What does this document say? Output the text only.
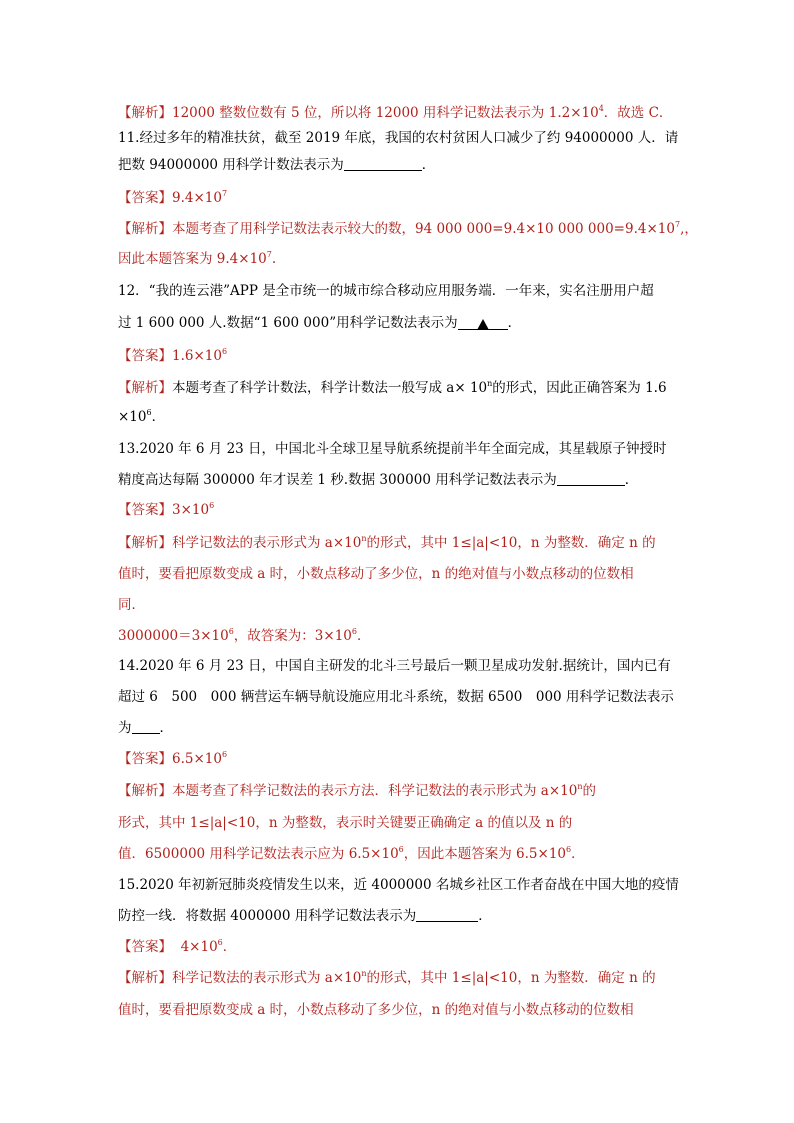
【解析】12000 整数位数有 5 位，所以将 12000 用科学记数法表示为 $1.2\times 10^4$．故选 C．
11.经过多年的精准扶贫，截至 2019 年底，我国的农村贫困人口减少了约 94000000 人．请
把数 94000000 用科学计数法表示为	．
【答案】$9.4\times 10^7$
【解析】本题考查了用科学记数法表示较大的数，94 000 000=9.4×10 000 $000=9.4\times 10^7$,，
因此本题答案为 $9.4\times 10^7$.
12．“我的连云港”APP 是全市统一的城市综合移动应用服务端．一年来，实名注册用户超
过 1 600 000 人.数据“1 600 000”用科学记数法表示为	．
【答案】$1.6\times 10^6$
【解析】本题考查了科学计数法，科学计数法一般写成 $a\times 10^n$的形式，因此正确答案为 1.6
$\times 10^6$．
13.2020 年 6 月 23 日，中国北斗全球卫星导航系统提前半年全面完成，其星载原子钟授时
精度高达每隔 300000 年才误差 1 秒.数据 300000 用科学记数法表示为	．
【答案】$3\times 10^6$
【解析】科学记数法的表示形式为 $a\times 10^n$的形式，其中 1≤|a|<10，n 为整数．确定 n 的
值时，要看把原数变成 a 时，小数点移动了多少位，n 的绝对值与小数点移动的位数相
同．
$3000000=3\times 10^6$，故答案为：$3\times 10^6$．
14.2020 年 6 月 23 日，中国自主研发的北斗三号最后一颗卫星成功发射.据统计，国内已有
超过 6　500　000 辆营运车辆导航设施应用北斗系统，数据 6500　000 用科学记数法表示
为 ．
【答案】$6.5\times 10^6$
【解析】本题考查了科学记数法的表示方法．科学记数法的表示形式为 $a\times 10^n$的
形式，其中 1≤|a|<10，n 为整数，表示时关键要正确确定 a 的值以及 n 的
值．6500000 用科学记数法表示应为 $6.5\times 10^6$，因此本题答案为 $6.5\times 10^6$．
15.2020 年初新冠肺炎疫情发生以来，近 4000000 名城乡社区工作者奋战在中国大地的疫情
防控一线．将数据 4000000 用科学记数法表示为	．
【答案】  $4\times 10^6$．
【解析】科学记数法的表示形式为 $a\times 10^n$的形式，其中 1≤|a|<10，n 为整数．确定 n 的
值时，要看把原数变成 a 时，小数点移动了多少位，n 的绝对值与小数点移动的位数相
